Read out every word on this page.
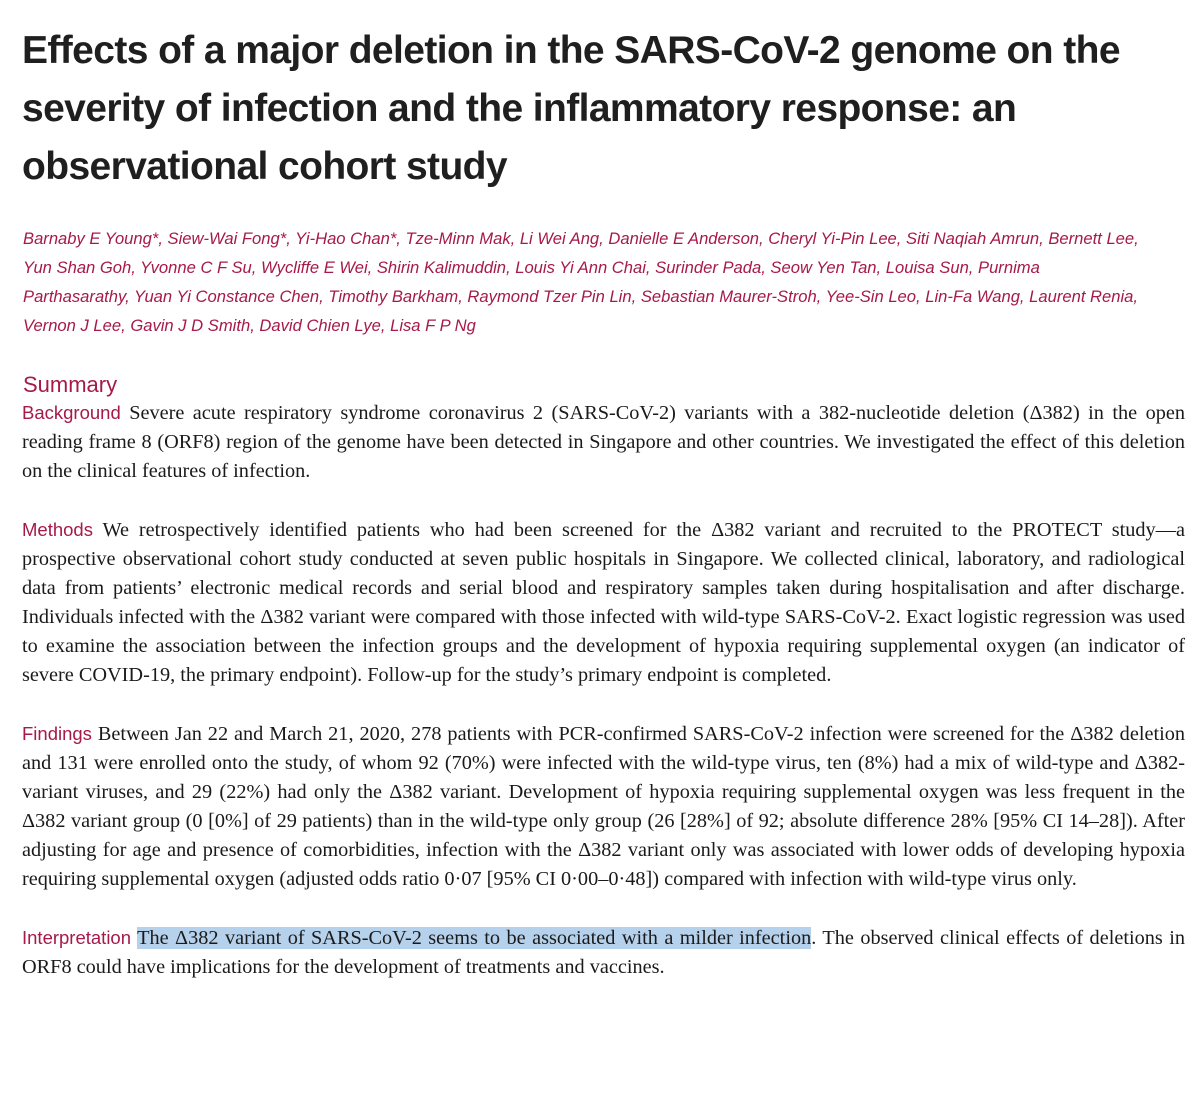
Effects of a major deletion in the SARS-CoV-2 genome on the severity of infection and the inflammatory response: an observational cohort study
Barnaby E Young*, Siew-Wai Fong*, Yi-Hao Chan*, Tze-Minn Mak, Li Wei Ang, Danielle E Anderson, Cheryl Yi-Pin Lee, Siti Naqiah Amrun, Bernett Lee, Yun Shan Goh, Yvonne C F Su, Wycliffe E Wei, Shirin Kalimuddin, Louis Yi Ann Chai, Surinder Pada, Seow Yen Tan, Louisa Sun, Purnima Parthasarathy, Yuan Yi Constance Chen, Timothy Barkham, Raymond Tzer Pin Lin, Sebastian Maurer-Stroh, Yee-Sin Leo, Lin-Fa Wang, Laurent Renia, Vernon J Lee, Gavin J D Smith, David Chien Lye, Lisa F P Ng
Summary

Background Severe acute respiratory syndrome coronavirus 2 (SARS-CoV-2) variants with a 382-nucleotide deletion (Δ382) in the open reading frame 8 (ORF8) region of the genome have been detected in Singapore and other countries. We investigated the effect of this deletion on the clinical features of infection.

Methods We retrospectively identified patients who had been screened for the Δ382 variant and recruited to the PROTECT study—a prospective observational cohort study conducted at seven public hospitals in Singapore. We collected clinical, laboratory, and radiological data from patients’ electronic medical records and serial blood and respiratory samples taken during hospitalisation and after discharge. Individuals infected with the Δ382 variant were compared with those infected with wild-type SARS-CoV-2. Exact logistic regression was used to examine the association between the infection groups and the development of hypoxia requiring supplemental oxygen (an indicator of severe COVID-19, the primary endpoint). Follow-up for the study’s primary endpoint is completed.

Findings Between Jan 22 and March 21, 2020, 278 patients with PCR-confirmed SARS-CoV-2 infection were screened for the Δ382 deletion and 131 were enrolled onto the study, of whom 92 (70%) were infected with the wild-type virus, ten (8%) had a mix of wild-type and Δ382-variant viruses, and 29 (22%) had only the Δ382 variant. Development of hypoxia requiring supplemental oxygen was less frequent in the Δ382 variant group (0 [0%] of 29 patients) than in the wild-type only group (26 [28%] of 92; absolute difference 28% [95% CI 14–28]). After adjusting for age and presence of comorbidities, infection with the Δ382 variant only was associated with lower odds of developing hypoxia requiring supplemental oxygen (adjusted odds ratio 0·07 [95% CI 0·00–0·48]) compared with infection with wild-type virus only.

Interpretation The Δ382 variant of SARS-CoV-2 seems to be associated with a milder infection. The observed clinical effects of deletions in ORF8 could have implications for the development of treatments and vaccines.
